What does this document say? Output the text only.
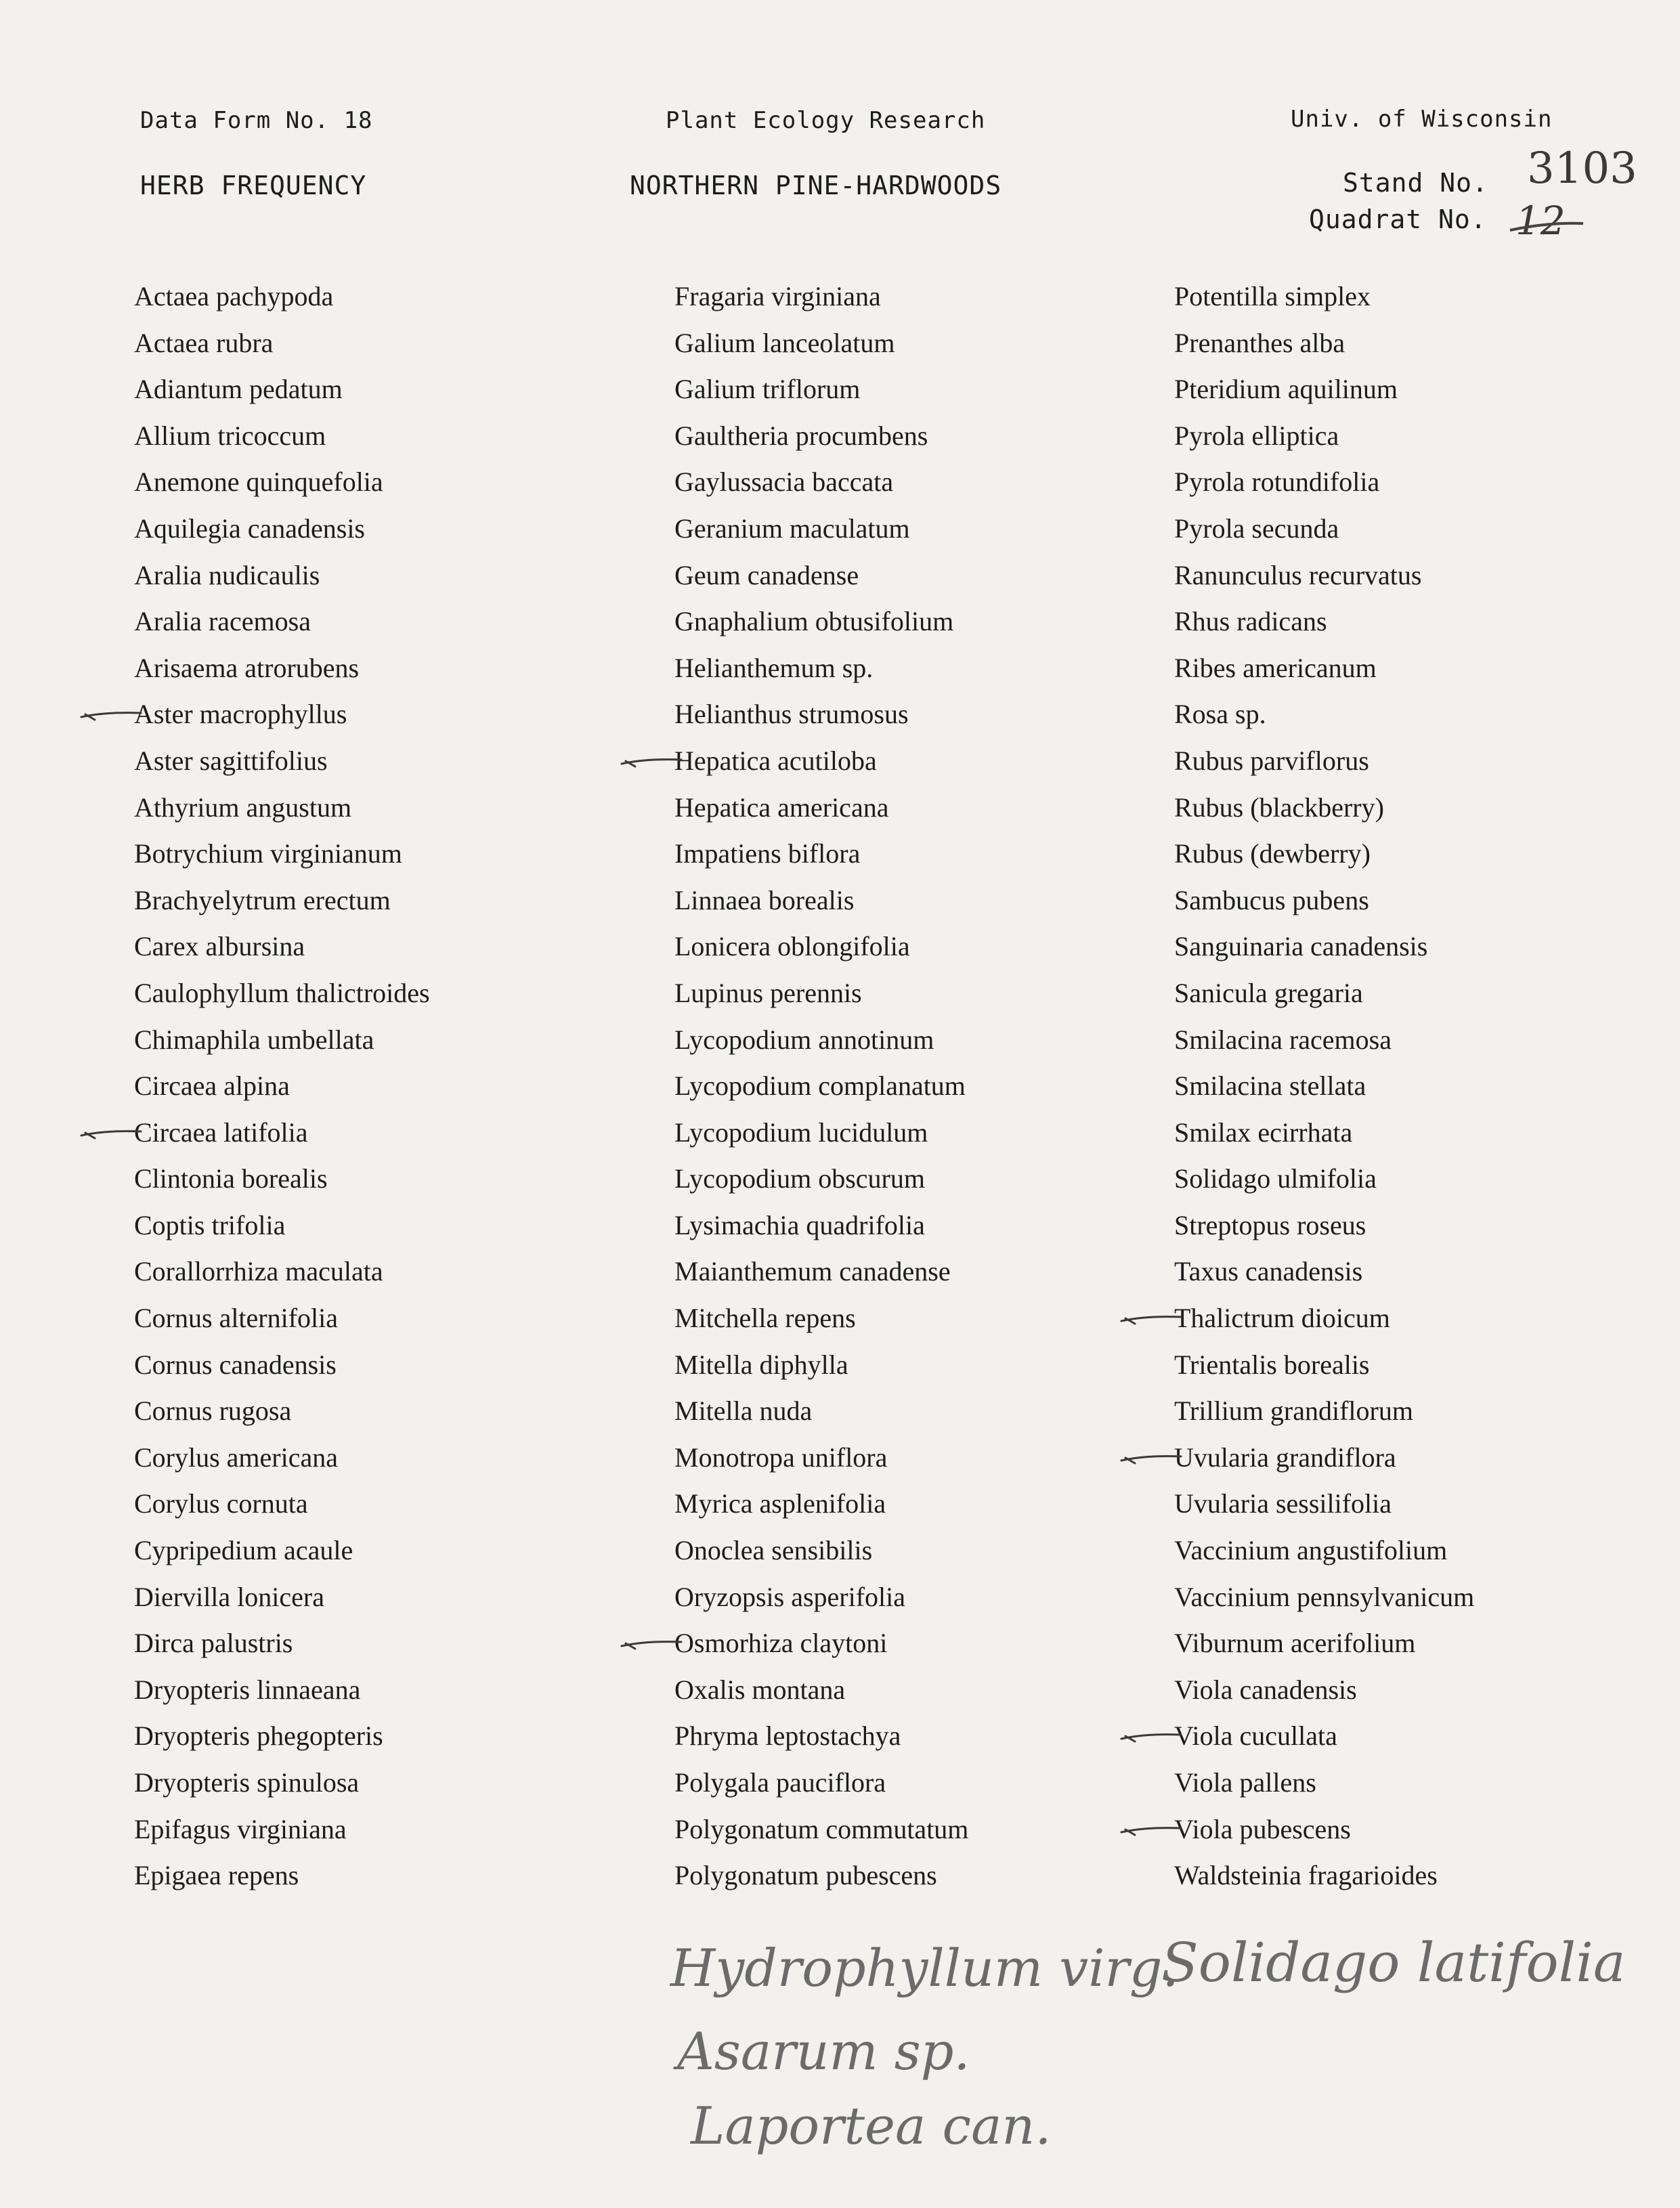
Data Form No. 18	Plant Ecology Research	Univ. of Wisconsin
HERB FREQUENCY	NORTHERN PINE-HARDWOODS	Stand No. 3103
Quadrat No. 12
Actaea pachypoda
Actaea rubra
Adiantum pedatum
Allium tricoccum
Anemone quinquefolia
Aquilegia canadensis
Aralia nudicaulis
Aralia racemosa
Arisaema atrorubens
Aster macrophyllus
Aster sagittifolius
Athyrium angustum
Botrychium virginianum
Brachyelytrum erectum
Carex albursina
Caulophyllum thalictroides
Chimaphila umbellata
Circaea alpina
Circaea latifolia
Clintonia borealis
Coptis trifolia
Corallorrhiza maculata
Cornus alternifolia
Cornus canadensis
Cornus rugosa
Corylus americana
Corylus cornuta
Cypripedium acaule
Diervilla lonicera
Dirca palustris
Dryopteris linnaeana
Dryopteris phegopteris
Dryopteris spinulosa
Epifagus virginiana
Epigaea repens
Fragaria virginiana
Galium lanceolatum
Galium triflorum
Gaultheria procumbens
Gaylussacia baccata
Geranium maculatum
Geum canadense
Gnaphalium obtusifolium
Helianthemum sp.
Helianthus strumosus
Hepatica acutiloba
Hepatica americana
Impatiens biflora
Linnaea borealis
Lonicera oblongifolia
Lupinus perennis
Lycopodium annotinum
Lycopodium complanatum
Lycopodium lucidulum
Lycopodium obscurum
Lysimachia quadrifolia
Maianthemum canadense
Mitchella repens
Mitella diphylla
Mitella nuda
Monotropa uniflora
Myrica asplenifolia
Onoclea sensibilis
Oryzopsis asperifolia
Osmorhiza claytoni
Oxalis montana
Phryma leptostachya
Polygala pauciflora
Polygonatum commutatum
Polygonatum pubescens
Potentilla simplex
Prenanthes alba
Pteridium aquilinum
Pyrola elliptica
Pyrola rotundifolia
Pyrola secunda
Ranunculus recurvatus
Rhus radicans
Ribes americanum
Rosa sp.
Rubus parviflorus
Rubus (blackberry)
Rubus (dewberry)
Sambucus pubens
Sanguinaria canadensis
Sanicula gregaria
Smilacina racemosa
Smilacina stellata
Smilax ecirrhata
Solidago ulmifolia
Streptopus roseus
Taxus canadensis
Thalictrum dioicum
Trientalis borealis
Trillium grandiflorum
Uvularia grandiflora
Uvularia sessilifolia
Vaccinium angustifolium
Vaccinium pennsylvanicum
Viburnum acerifolium
Viola canadensis
Viola cucullata
Viola pallens
Viola pubescens
Waldsteinia fragarioides
Hydrophyllum virg.
Asarum sp.
Laportea can.
Solidago latifolia
